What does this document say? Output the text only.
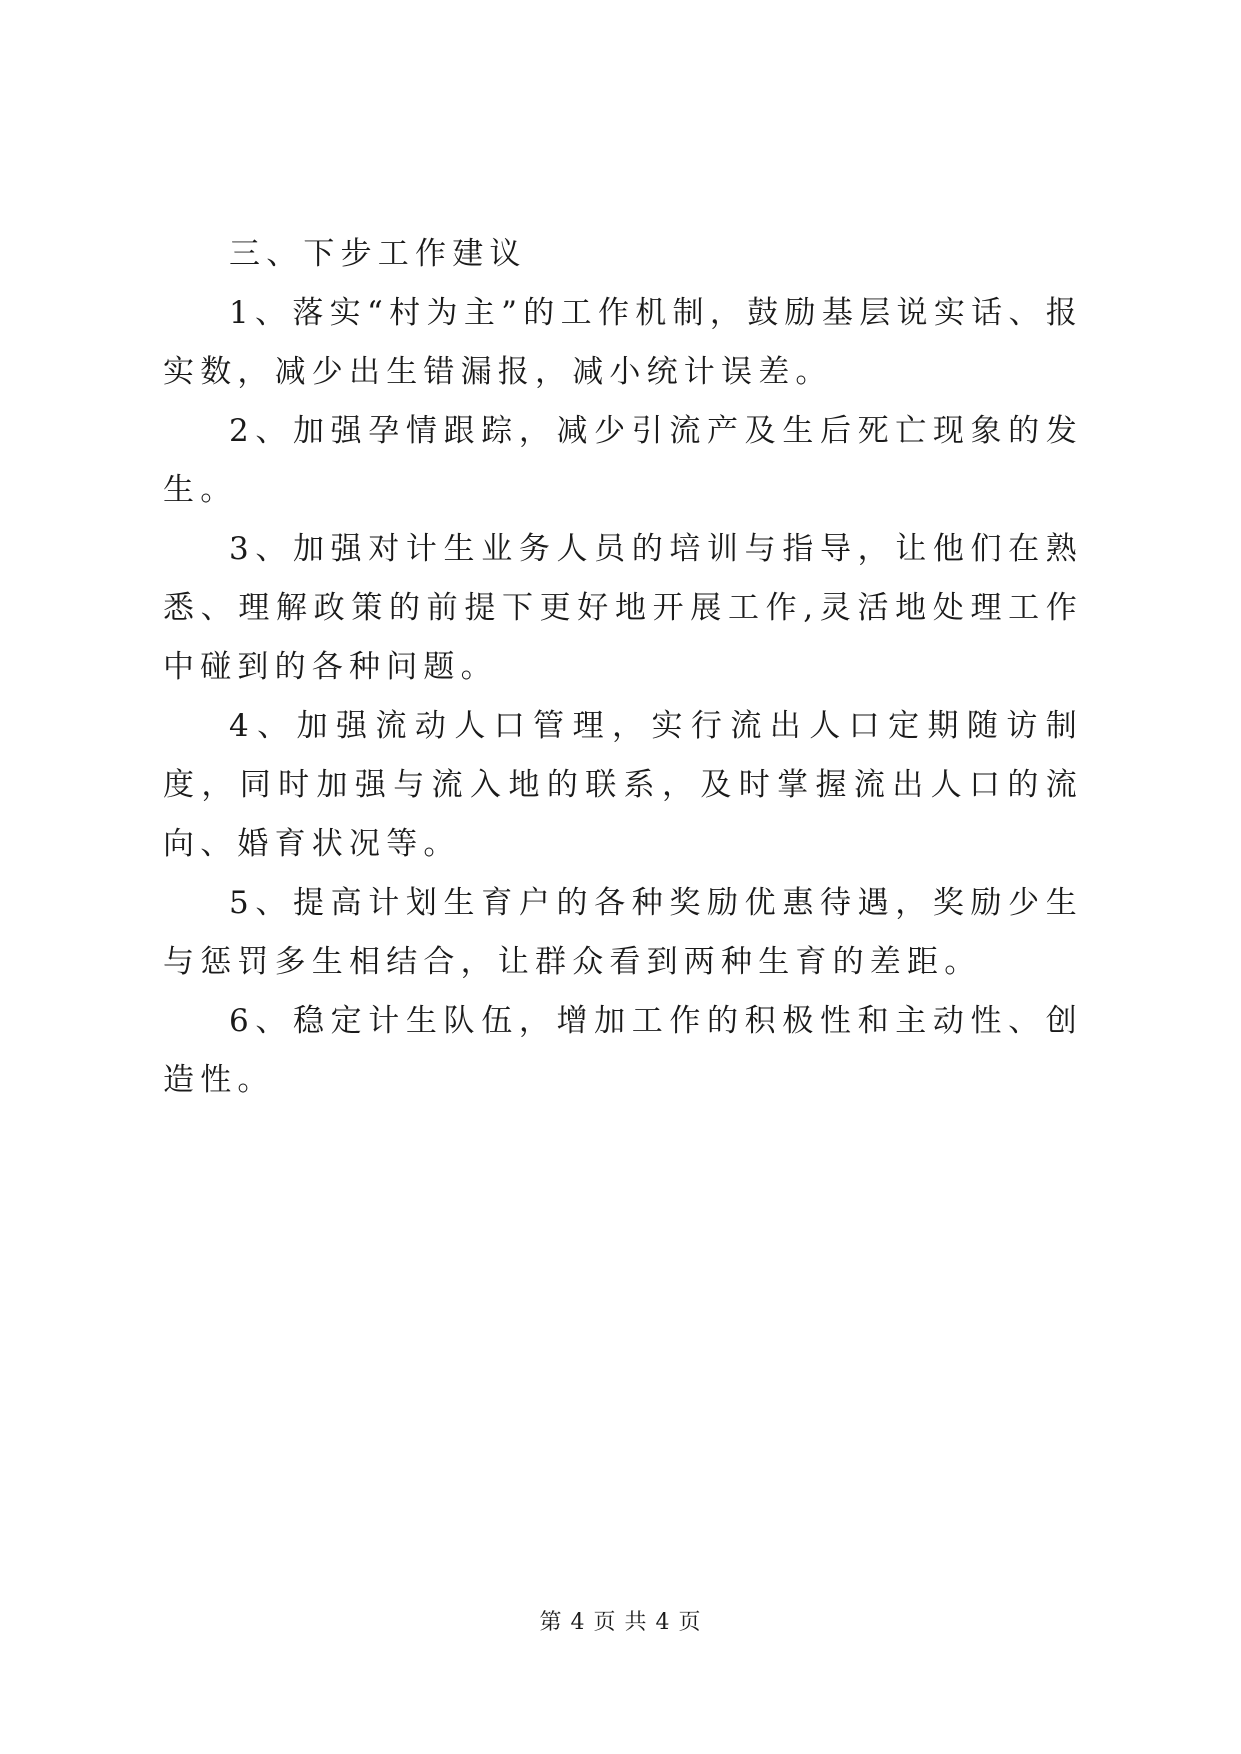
三、下步工作建议

1、落实“村为主”的工作机制，鼓励基层说实话、报实数，减少出生错漏报，减小统计误差。

2、加强孕情跟踪，减少引流产及生后死亡现象的发生。

3、加强对计生业务人员的培训与指导，让他们在熟悉、理解政策的前提下更好地开展工作,灵活地处理工作中碰到的各种问题。

4、加强流动人口管理，实行流出人口定期随访制度，同时加强与流入地的联系，及时掌握流出人口的流向、婚育状况等。

5、提高计划生育户的各种奖励优惠待遇，奖励少生与惩罚多生相结合，让群众看到两种生育的差距。

6、稳定计生队伍，增加工作的积极性和主动性、创造性。

第 4 页 共 4 页
